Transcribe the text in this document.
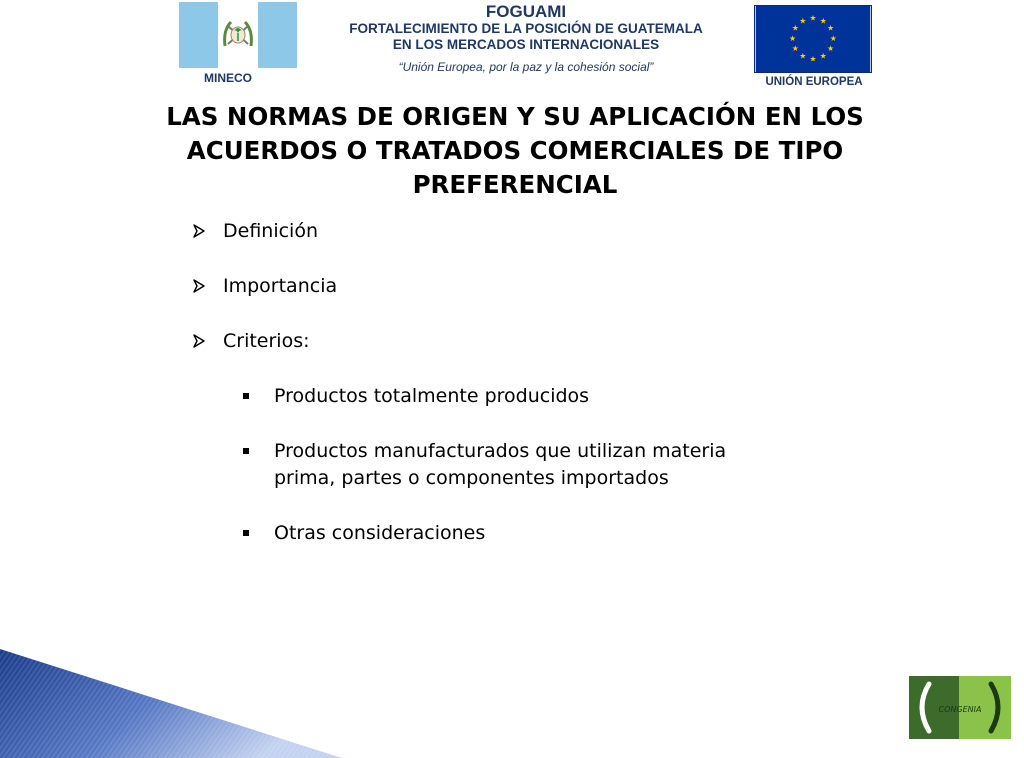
MINECO
FOGUAMI
FORTALECIMIENTO DE LA POSICIÓN DE GUATEMALA
EN LOS MERCADOS INTERNACIONALES
“Unión Europea, por la paz y la cohesión social”
★ ★
★
★
★
★
★
★
★
★
★
★
UNIÓN EUROPEA
LAS NORMAS DE ORIGEN Y SU APLICACIÓN EN LOS ACUERDOS O TRATADOS COMERCIALES DE TIPO PREFERENCIAL
Definición
Importancia
Criterios:
Productos totalmente producidos
Productos manufacturados que utilizan materia prima, partes o componentes importados
Otras consideraciones
CONGENIA
